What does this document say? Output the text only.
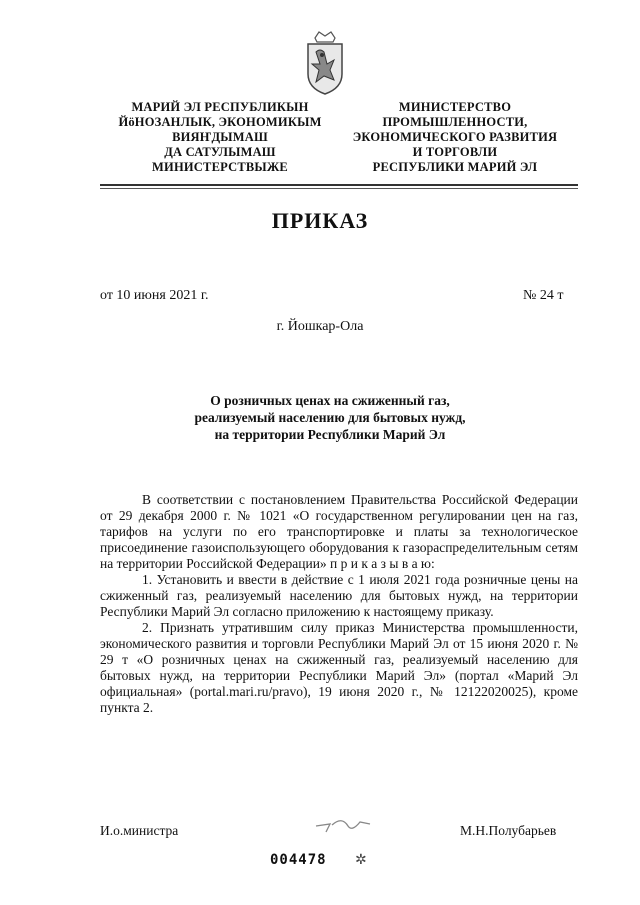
МАРИЙ ЭЛ РЕСПУБЛИКЫН
ЙӧНОЗАНЛЫК, ЭКОНОМИКЫМ
ВИЯҤДЫМАШ
ДА САТУЛЫМАШ
МИНИСТЕРСТВЫЖЕ
МИНИСТЕРСТВО
ПРОМЫШЛЕННОСТИ,
ЭКОНОМИЧЕСКОГО РАЗВИТИЯ
И ТОРГОВЛИ
РЕСПУБЛИКИ МАРИЙ ЭЛ
ПРИКАЗ
от 10 июня 2021 г.	№ 24 т
г. Йошкар-Ола
О розничных ценах на сжиженный газ,
реализуемый населению для бытовых нужд,
на территории Республики Марий Эл

В соответствии с постановлением Правительства Российской Федерации от 29 декабря 2000 г. № 1021 «О государственном регулировании цен на газ, тарифов на услуги по его транспортировке и платы за технологическое присоединение газоиспользующего оборудования к газораспределительным сетям на территории Российской Федерации» п р и к а з ы в а ю:

1. Установить и ввести в действие с 1 июля 2021 года розничные цены на сжиженный газ, реализуемый населению для бытовых нужд, на территории Республики Марий Эл согласно приложению к настоящему приказу.

2. Признать утратившим силу приказ Министерства промышленности, экономического развития и торговли Республики Марий Эл от 15 июня 2020 г. № 29 т «О розничных ценах на сжиженный газ, реализуемый населению для бытовых нужд, на территории Республики Марий Эл» (портал «Марий Эл официальная» (portal.mari.ru/pravo), 19 июня 2020 г., № 12122020025), кроме пункта 2.

И.о.министра	М.Н.Полубарьев
004478 ✲
